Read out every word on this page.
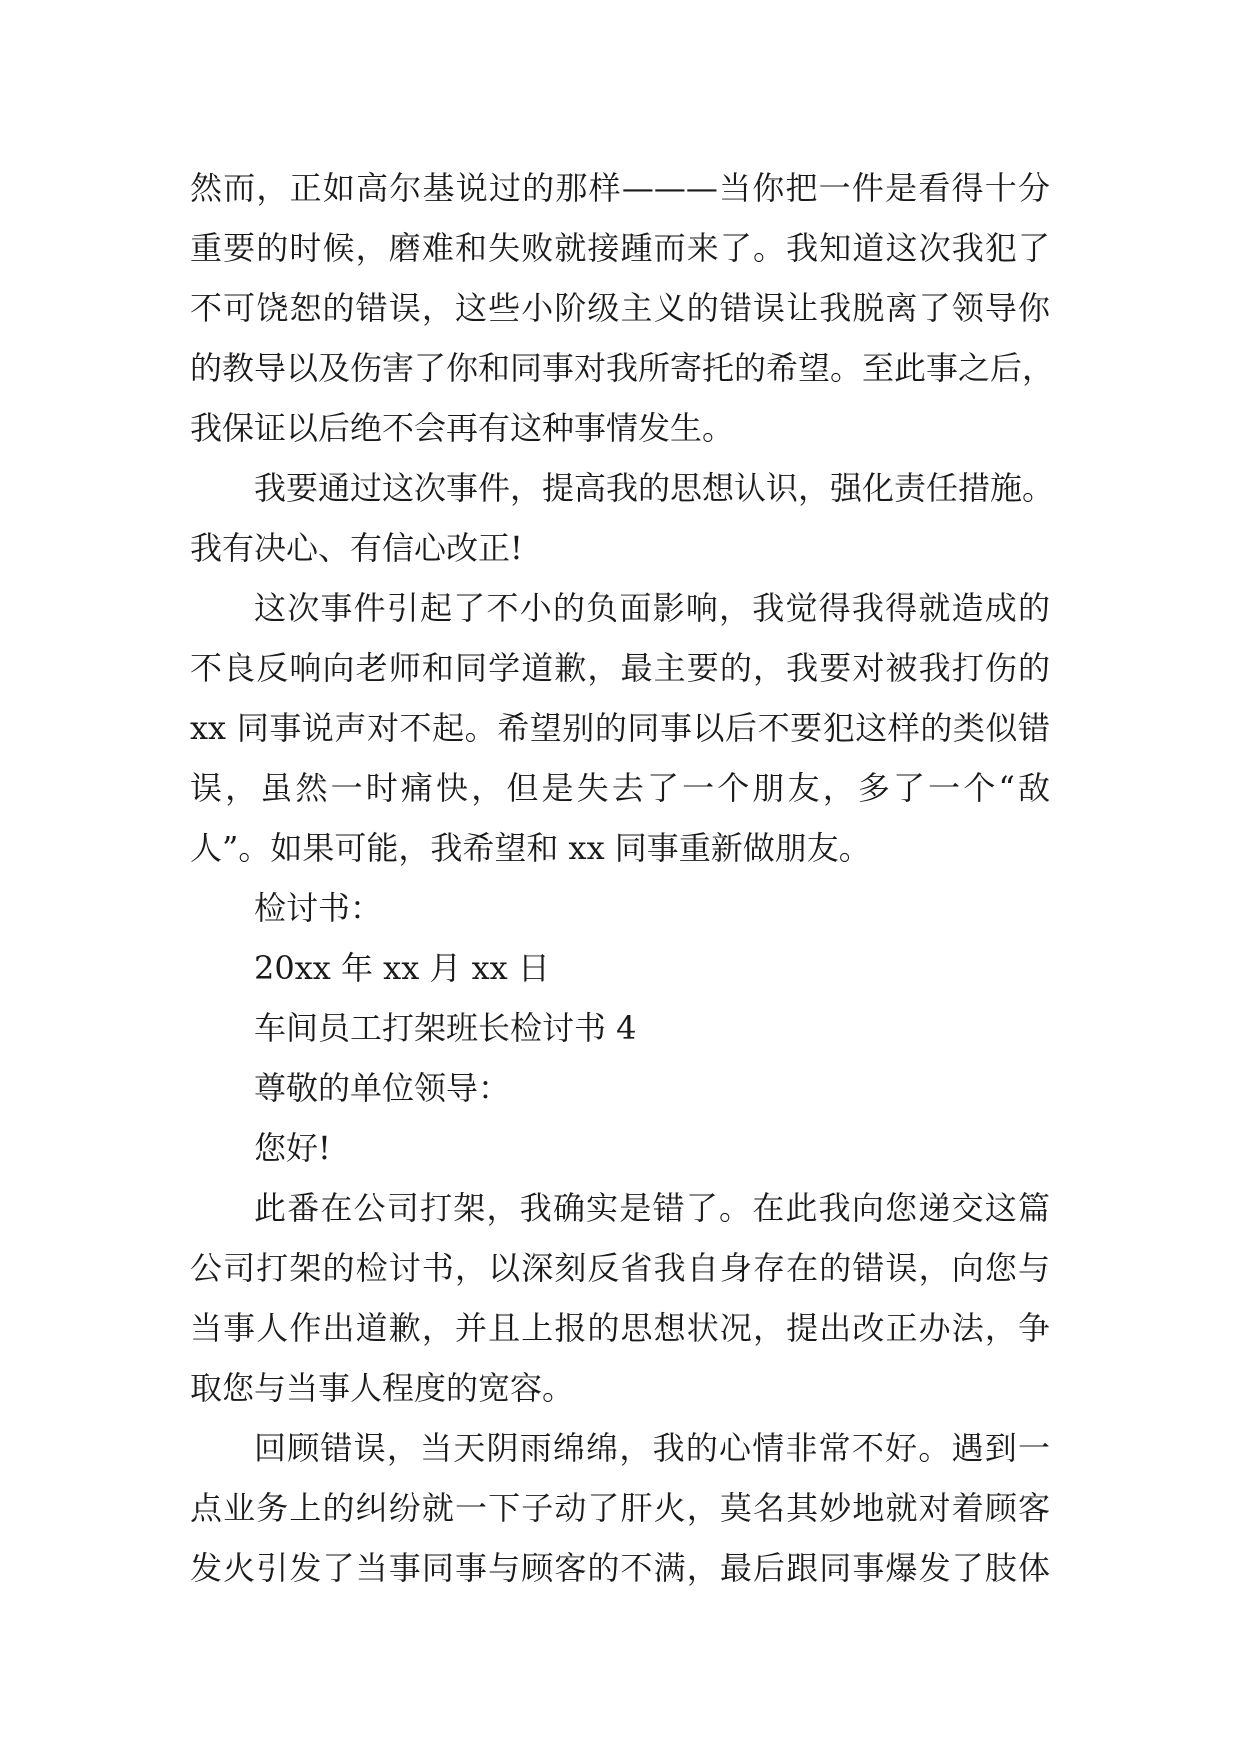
然而，正如高尔基说过的那样———当你把一件是看得十分
重要的时候，磨难和失败就接踵而来了。我知道这次我犯了
不可饶恕的错误，这些小阶级主义的错误让我脱离了领导你
的教导以及伤害了你和同事对我所寄托的希望。至此事之后，
我保证以后绝不会再有这种事情发生。
我要通过这次事件，提高我的思想认识，强化责任措施。
我有决心、有信心改正!
这次事件引起了不小的负面影响，我觉得我得就造成的
不良反响向老师和同学道歉，最主要的，我要对被我打伤的
xx 同事说声对不起。希望别的同事以后不要犯这样的类似错
误，虽然一时痛快，但是失去了一个朋友，多了一个“敌
人”。如果可能，我希望和 xx 同事重新做朋友。
检讨书：
20xx 年 xx 月 xx 日
车间员工打架班长检讨书 4
尊敬的单位领导：
您好!
此番在公司打架，我确实是错了。在此我向您递交这篇
公司打架的检讨书，以深刻反省我自身存在的错误，向您与
当事人作出道歉，并且上报的思想状况，提出改正办法，争
取您与当事人程度的宽容。
回顾错误，当天阴雨绵绵，我的心情非常不好。遇到一
点业务上的纠纷就一下子动了肝火，莫名其妙地就对着顾客
发火引发了当事同事与顾客的不满，最后跟同事爆发了肢体
